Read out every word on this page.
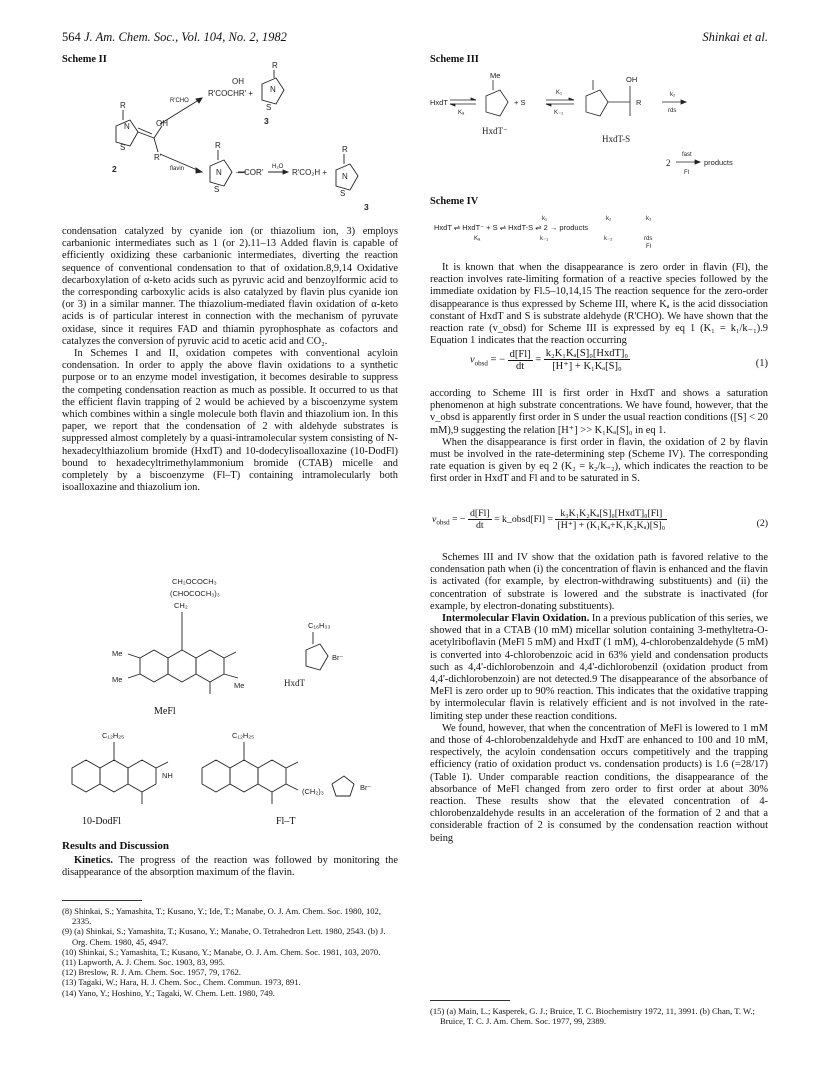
564 J. Am. Chem. Soc., Vol. 104, No. 2, 1982	Shinkai et al.
Scheme II
R
N
S
OH
R'
R'CHO
R'COCHR' +
OH
R
N
S
3
2	flavin
R
N
S
—COR'
H₂O
R'CO₂H +
R
N
S
3

condensation catalyzed by cyanide ion (or thiazolium ion, 3) employs carbanionic intermediates such as 1 (or 2).11–13 Added flavin is capable of efficiently oxidizing these carbanionic intermediates, diverting the reaction sequence of conventional condensation to that of oxidation.8,9,14 Oxidative decarboxylation of α-keto acids such as pyruvic acid and benzoylformic acid to the corresponding carboxylic acids is also catalyzed by flavin plus cyanide ion (or 3) in a similar manner. The thiazolium-mediated flavin oxidation of α-keto acids is of particular interest in connection with the mechanism of pyruvate oxidase, since it requires FAD and thiamin pyrophosphate as cofactors and catalyzes the conversion of pyruvic acid to acetic acid and CO₂.

In Schemes I and II, oxidation competes with conventional acyloin condensation. In order to apply the above flavin oxidations to a synthetic purpose or to an enzyme model investigation, it becomes desirable to suppress the competing condensation reaction as much as possible. It occurred to us that the efficient flavin trapping of 2 would be achieved by a biscoenzyme system which combines within a single molecule both flavin and thiazolium ion. In this paper, we report that the condensation of 2 with aldehyde substrates is suppressed almost completely by a quasi-intramolecular system consisting of N-hexadecylthiazolium bromide (HxdT) and 10-dodecylisoalloxazine (10-DodFl) bound to hexadecyltrimethylammonium bromide (CTAB) micelle and completely by a biscoenzyme (Fl–T) containing intramolecularly both isoalloxazine and thiazolium ion.

CH₂OCOCH₃
(CHOCOCH₃)₃
CH₂
Me
Me
Me
C₁₆H₃₃
Br⁻
HxdT
C₁₂H₂₅
NH
C₁₂H₂₅
(CH₂)₃	Br⁻
MeFl
10-DodFl	Fl–T
Results and Discussion

Kinetics. The progress of the reaction was followed by monitoring the disappearance of the absorption maximum of the flavin.

(8) Shinkai, S.; Yamashita, T.; Kusano, Y.; Ide, T.; Manabe, O. J. Am. Chem. Soc. 1980, 102, 2335.
(9) (a) Shinkai, S.; Yamashita, T.; Kusano, Y.; Manabe, O. Tetrahedron Lett. 1980, 2543. (b) J. Org. Chem. 1980, 45, 4947.
(10) Shinkai, S.; Yamashita, T.; Kusano, Y.; Manabe, O. J. Am. Chem. Soc. 1981, 103, 2070.
(11) Lapworth, A. J. Chem. Soc. 1903, 83, 995.
(12) Breslow, R. J. Am. Chem. Soc. 1957, 79, 1762.
(13) Tagaki, W.; Hara, H. J. Chem. Soc., Chem. Commun. 1973, 891.
(14) Yano, Y.; Hoshino, Y.; Tagaki, W. Chem. Lett. 1980, 749.
Scheme III
HxdT
Kₐ
Me
+ S
K₁
K₋₁
OH
R
k₂
rds
fast
Fl
products
HxdT⁻
HxdT-S
2
Scheme IV
HxdT ⇌ HxdT⁻ + S ⇌ HxdT-S ⇌ 2 → products
Kₐ
k₁
k₋₁
k₂
k₋₂
k₃
rds
Fl

It is known that when the disappearance is zero order in flavin (Fl), the reaction involves rate-limiting formation of a reactive species followed by the immediate oxidation by Fl.5–10,14,15 The reaction sequence for the zero-order disappearance is thus expressed by Scheme III, where Kₐ is the acid dissociation constant of HxdT and S is substrate aldehyde (R'CHO). We have shown that the reaction rate (v_obsd) for Scheme III is expressed by eq 1 (K₁ = k₁/k₋₁).9 Equation 1 indicates that the reaction occurring

$v_{obsd}$ = − $\frac{d[Fl]}{dt} = \frac{\text{k₂K₁Kₐ[S]₀[HxdT]₀}}{\text{[H⁺] + K₁Kₐ[S]₀}}$	(1)

according to Scheme III is first order in HxdT and shows a saturation phenomenon at high substrate concentrations. We have found, however, that the v_obsd is apparently first order in S under the usual reaction conditions ([S] < 20 mM),9 suggesting the relation [H⁺] >> K₁Kₐ[S]₀ in eq 1.

When the disappearance is first order in flavin, the oxidation of 2 by flavin must be involved in the rate-determining step (Scheme IV). The corresponding rate equation is given by eq 2 (K₂ = k₂/k₋₂), which indicates the reaction to be first order in HxdT and Fl and to be saturated in S.

$v_{obsd}$ = − $\frac{d[Fl]}{dt}$ = k_obsd[Fl] = $\frac{\text{k₃K₁K₂Kₐ[S]₀[HxdT]₀[Fl]}}{\text{[H⁺] + (K₁Kₐ+K₁K₂Kₐ)[S]₀}}$	(2)

Schemes III and IV show that the oxidation path is favored relative to the condensation path when (i) the concentration of flavin is enhanced and the flavin is activated (for example, by electron-withdrawing substituents) and (ii) the concentration of substrate is lowered and the substrate is inactivated (for example, by electron-donating substituents).

Intermolecular Flavin Oxidation. In a previous publication of this series, we showed that in a CTAB (10 mM) micellar solution containing 3-methyltetra-O-acetylriboflavin (MeFl 5 mM) and HxdT (1 mM), 4-chlorobenzaldehyde (5 mM) is converted into 4-chlorobenzoic acid in 63% yield and condensation products such as 4,4'-dichlorobenzoin and 4,4'-dichlorobenzil (oxidation product from 4,4'-dichlorobenzoin) are not detected.9 The disappearance of the absorbance of MeFl is zero order up to 90% reaction. This indicates that the oxidative trapping by intermolecular flavin is relatively efficient and is not involved in the rate-limiting step under these reaction conditions.

We found, however, that when the concentration of MeFl is lowered to 1 mM and those of 4-chlorobenzaldehyde and HxdT are enhanced to 100 and 10 mM, respectively, the acyloin condensation occurs competitively and the trapping efficiency (ratio of oxidation product vs. condensation products) is 1.6 (=28/17) (Table I). Under comparable reaction conditions, the disappearance of the absorbance of MeFl changed from zero order to first order at about 30% reaction. These results show that the elevated concentration of 4-chlorobenzaldehyde results in an acceleration of the formation of 2 and that a considerable fraction of 2 is consumed by the condensation reaction without being

(15) (a) Main, L.; Kasperek, G. J.; Bruice, T. C. Biochemistry 1972, 11, 3991. (b) Chan, T. W.; Bruice, T. C. J. Am. Chem. Soc. 1977, 99, 2389.
